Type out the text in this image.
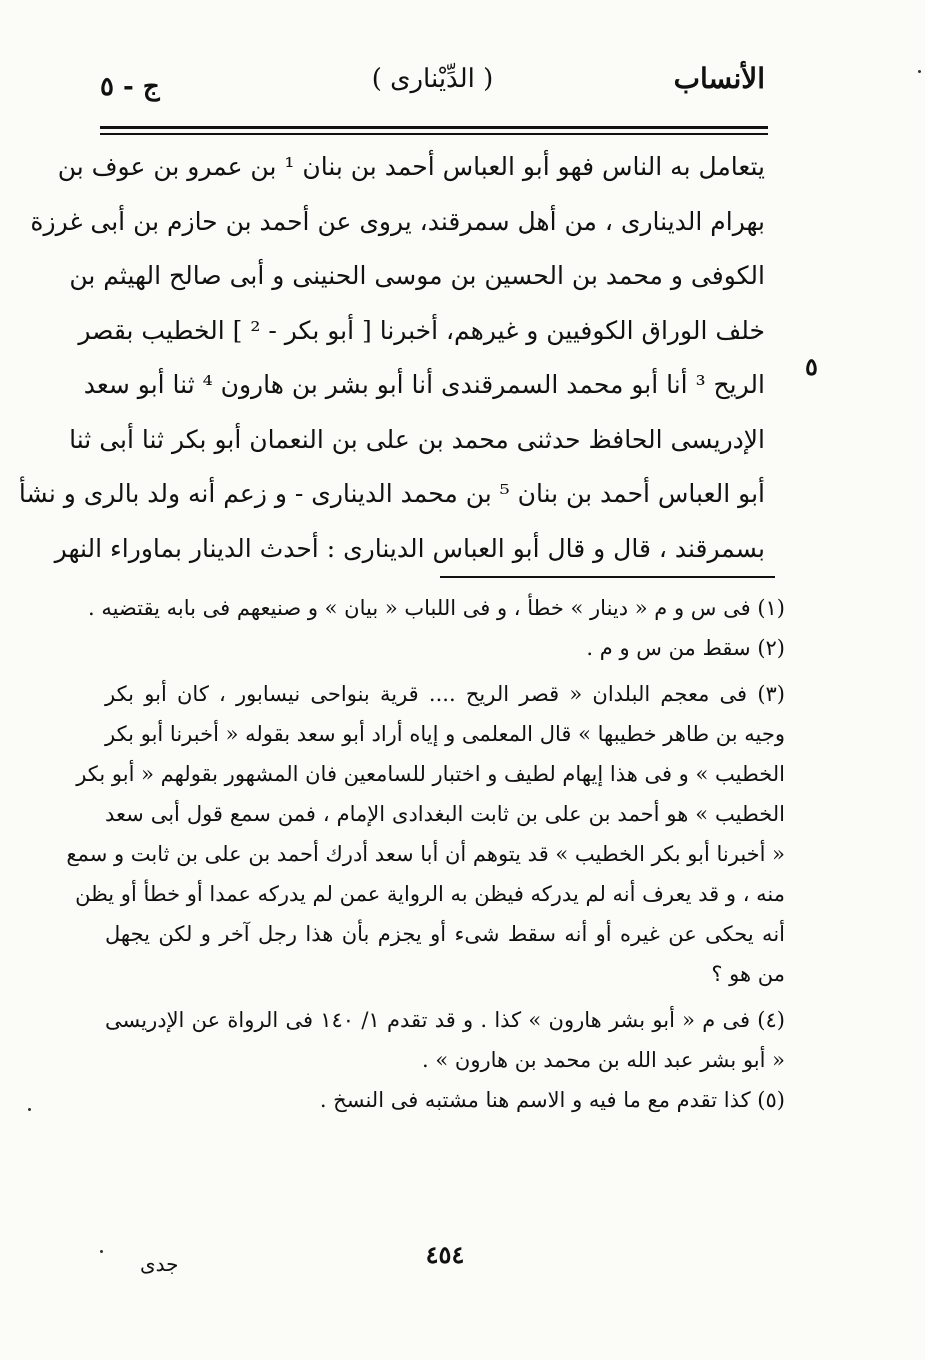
الأنساب
( الدِّيْنارى )
ج - ٥
يتعامل به الناس فهو أبو العباس أحمد بن بنان ¹ بن عمرو بن عوف بن
بهرام الدينارى ، من أهل سمرقند، يروى عن أحمد بن حازم بن أبى غرزة
الكوفى و محمد بن الحسين بن موسى الحنينى و أبى صالح الهيثم بن
خلف الوراق الكوفيين و غيرهم، أخبرنا [ أبو بكر - ² ] الخطيب بقصر
الريح ³ أنا أبو محمد السمرقندى أنا أبو بشر بن هارون ⁴ ثنا أبو سعد
الإدريسى الحافظ حدثنى محمد بن على بن النعمان أبو بكر ثنا أبى ثنا
أبو العباس أحمد بن بنان ⁵ بن محمد الدينارى - و زعم أنه ولد بالرى و نشأ
بسمرقند ، قال و قال أبو العباس الدينارى : أحدث الدينار بماوراء النهر
٥
(١) فى س و م « دينار » خطأ ، و فى اللباب « بيان » و صنيعهم فى بابه يقتضيه .
(٢) سقط من س و م .
(٣) فى معجم البلدان « قصر الريح .... قرية بنواحى نيسابور ، كان أبو بكر
وجيه بن طاهر خطيبها » قال المعلمى و إياه أراد أبو سعد بقوله « أخبرنا أبو بكر
الخطيب » و فى هذا إيهام لطيف و اختبار للسامعين فان المشهور بقولهم « أبو بكر
الخطيب » هو أحمد بن على بن ثابت البغدادى الإمام ، فمن سمع قول أبى سعد
« أخبرنا أبو بكر الخطيب » قد يتوهم أن أبا سعد أدرك أحمد بن على بن ثابت و سمع
منه ، و قد يعرف أنه لم يدركه فيظن به الرواية عمن لم يدركه عمدا أو خطأ أو يظن
أنه يحكى عن غيره أو أنه سقط شىء أو يجزم بأن هذا رجل آخر و لكن يجهل
من هو ؟
(٤) فى م « أبو بشر هارون » كذا . و قد تقدم ١/ ١٤٠ فى الرواة عن الإدريسى
« أبو بشر عبد الله بن محمد بن هارون » .
(٥) كذا تقدم مع ما فيه و الاسم هنا مشتبه فى النسخ .
٤٥٤
جدى
